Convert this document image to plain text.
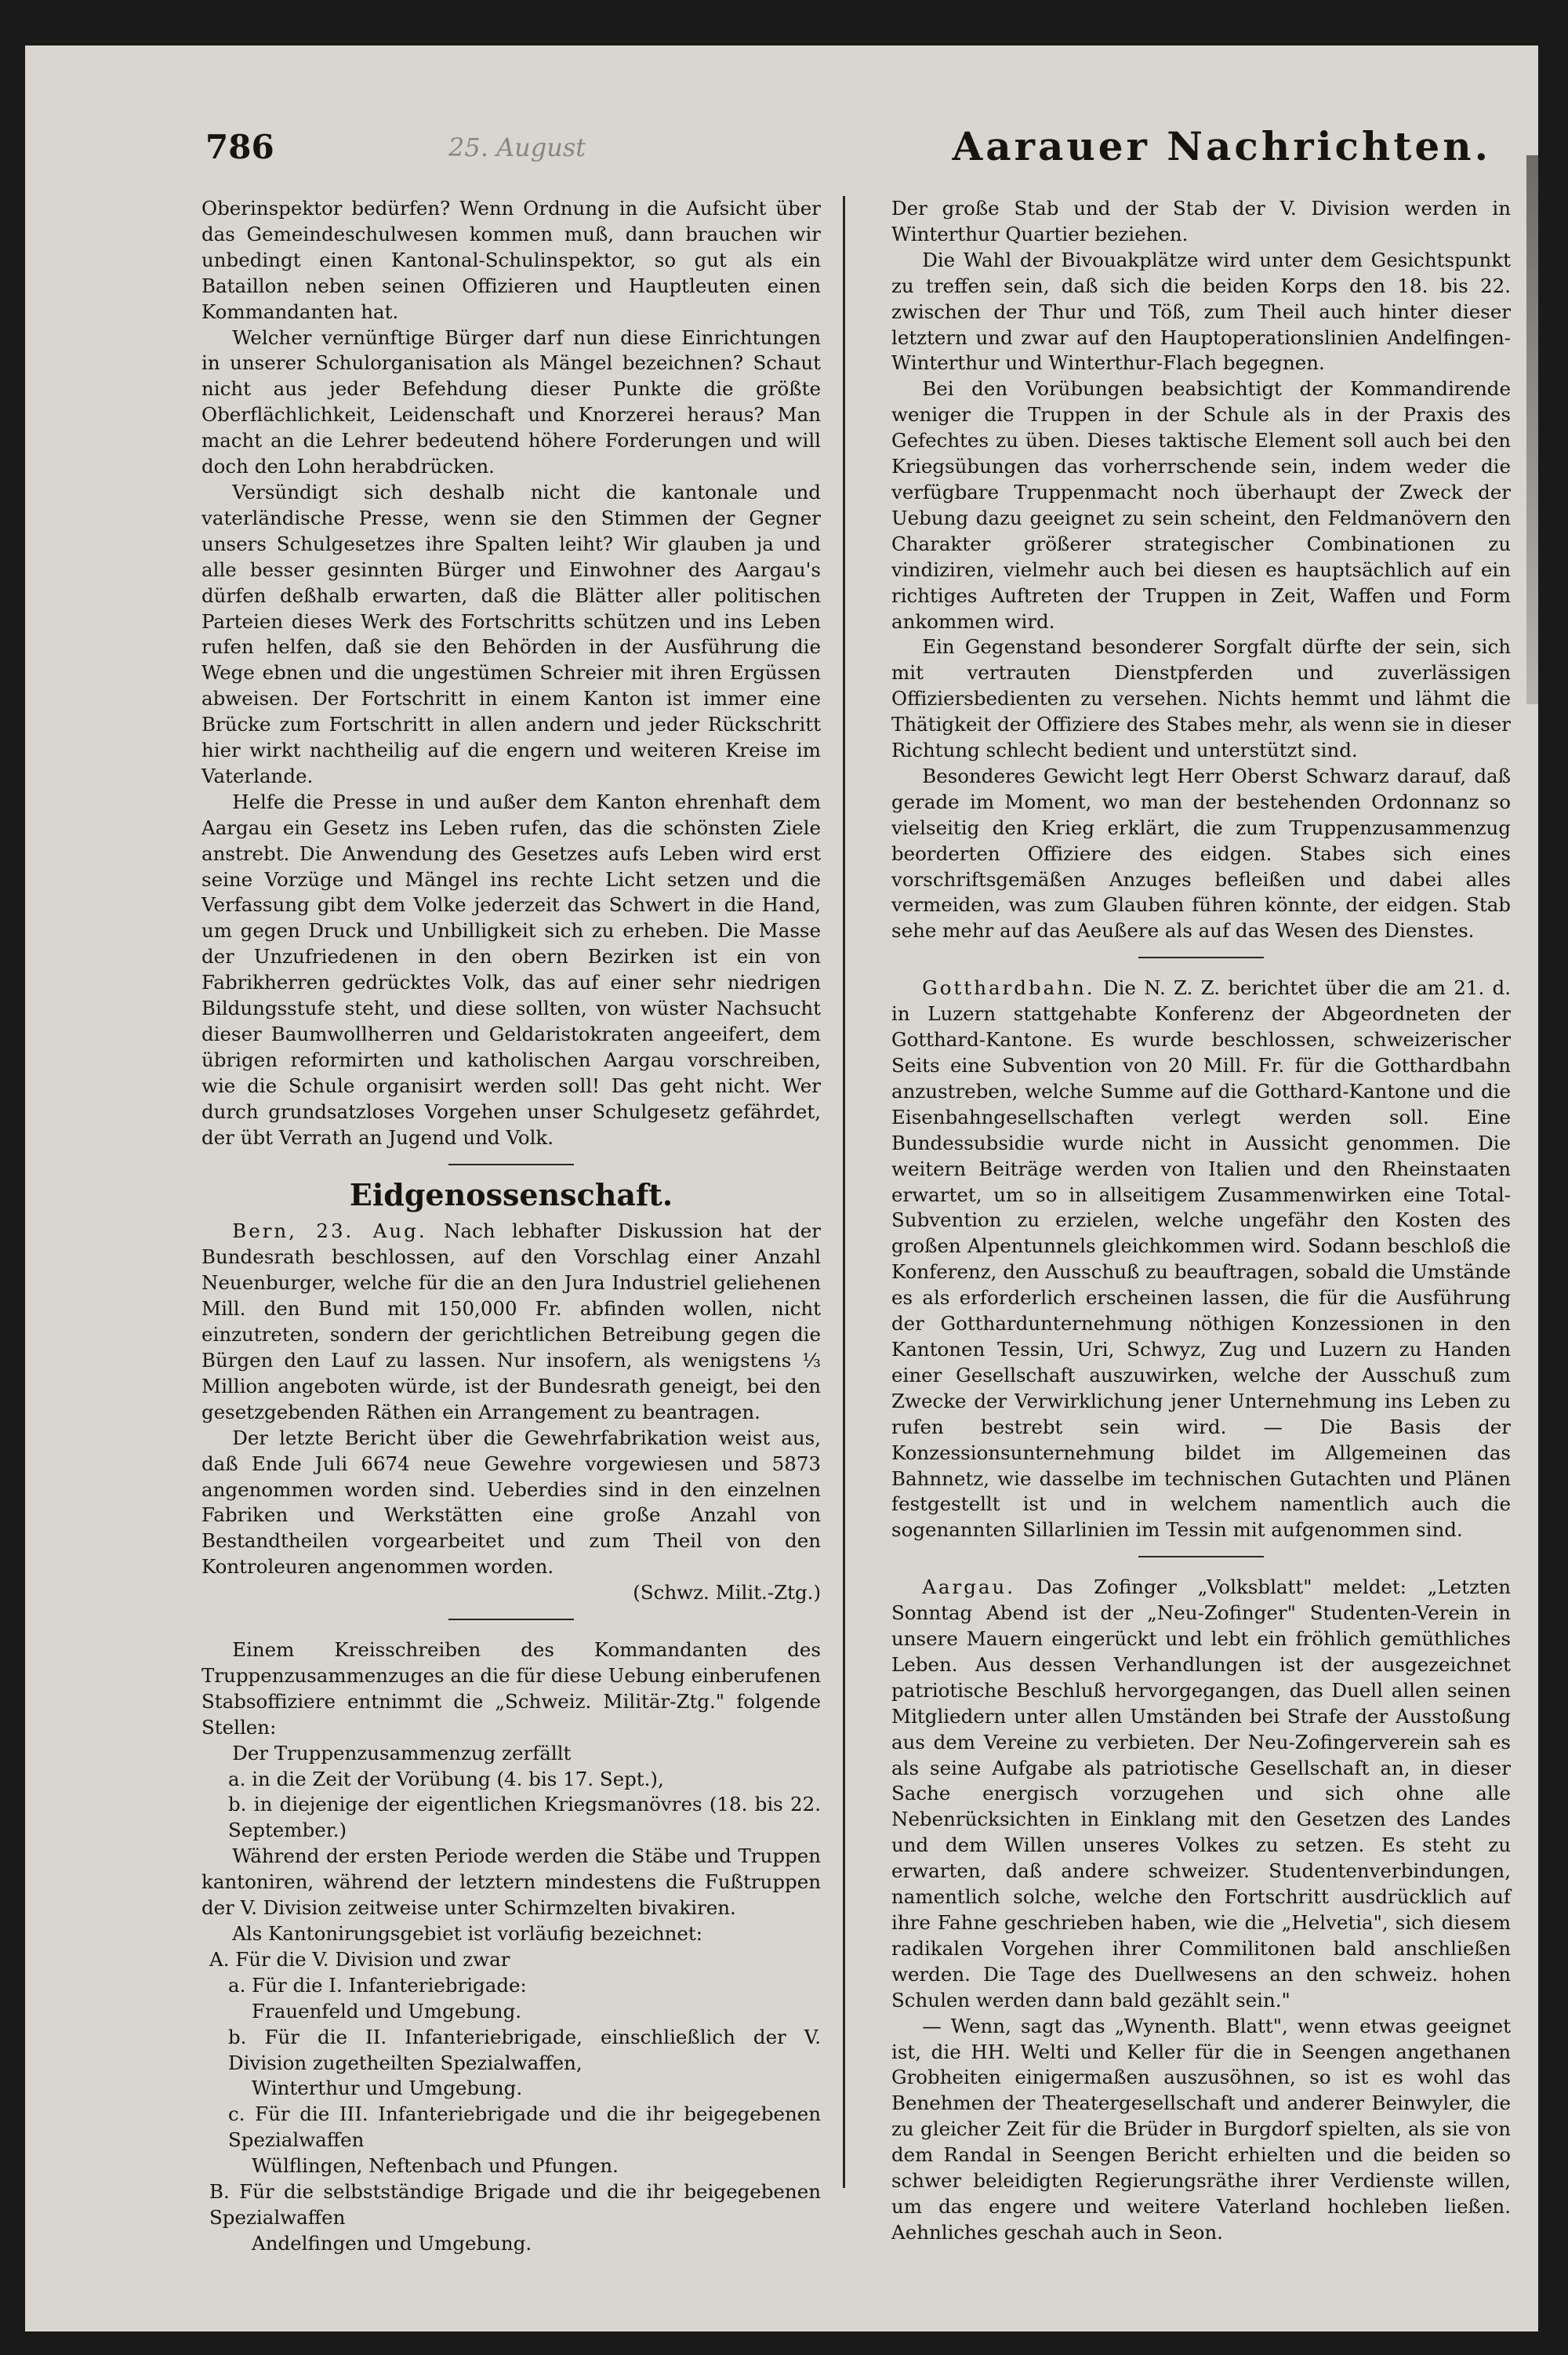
786	25. August	Aarauer Nachrichten.

Oberinspektor bedürfen? Wenn Ordnung in die Aufsicht über das Gemeindeschulwesen kommen muß, dann brauchen wir unbedingt einen Kantonal-Schulinspektor, so gut als ein Bataillon neben seinen Offizieren und Hauptleuten einen Kommandanten hat.

Welcher vernünftige Bürger darf nun diese Einrichtungen in unserer Schulorganisation als Mängel bezeichnen? Schaut nicht aus jeder Befehdung dieser Punkte die größte Oberflächlichkeit, Leidenschaft und Knorzerei heraus? Man macht an die Lehrer bedeutend höhere Forderungen und will doch den Lohn herabdrücken.

Versündigt sich deshalb nicht die kantonale und vaterländische Presse, wenn sie den Stimmen der Gegner unsers Schulgesetzes ihre Spalten leiht? Wir glauben ja und alle besser gesinnten Bürger und Einwohner des Aargau's dürfen deßhalb erwarten, daß die Blätter aller politischen Parteien dieses Werk des Fortschritts schützen und ins Leben rufen helfen, daß sie den Behörden in der Ausführung die Wege ebnen und die ungestümen Schreier mit ihren Ergüssen abweisen. Der Fortschritt in einem Kanton ist immer eine Brücke zum Fortschritt in allen andern und jeder Rückschritt hier wirkt nachtheilig auf die engern und weiteren Kreise im Vaterlande.

Helfe die Presse in und außer dem Kanton ehrenhaft dem Aargau ein Gesetz ins Leben rufen, das die schönsten Ziele anstrebt. Die Anwendung des Gesetzes aufs Leben wird erst seine Vorzüge und Mängel ins rechte Licht setzen und die Verfassung gibt dem Volke jederzeit das Schwert in die Hand, um gegen Druck und Unbilligkeit sich zu erheben. Die Masse der Unzufriedenen in den obern Bezirken ist ein von Fabrikherren gedrücktes Volk, das auf einer sehr niedrigen Bildungsstufe steht, und diese sollten, von wüster Nachsucht dieser Baumwollherren und Geldaristokraten angeeifert, dem übrigen reformirten und katholischen Aargau vorschreiben, wie die Schule organisirt werden soll! Das geht nicht. Wer durch grundsatzloses Vorgehen unser Schulgesetz gefährdet, der übt Verrath an Jugend und Volk.

Eidgenossenschaft.

Bern, 23. Aug. Nach lebhafter Diskussion hat der Bundesrath beschlossen, auf den Vorschlag einer Anzahl Neuenburger, welche für die an den Jura Industriel geliehenen Mill. den Bund mit 150,000 Fr. abfinden wollen, nicht einzutreten, sondern der gerichtlichen Betreibung gegen die Bürgen den Lauf zu lassen. Nur insofern, als wenigstens ⅓ Million angeboten würde, ist der Bundesrath geneigt, bei den gesetzgebenden Räthen ein Arrangement zu beantragen.

Der letzte Bericht über die Gewehrfabrikation weist aus, daß Ende Juli 6674 neue Gewehre vorgewiesen und 5873 angenommen worden sind. Ueberdies sind in den einzelnen Fabriken und Werkstätten eine große Anzahl von Bestandtheilen vorgearbeitet und zum Theil von den Kontroleuren angenommen worden.

(Schwz. Milit.-Ztg.)

Einem Kreisschreiben des Kommandanten des Truppenzusammenzuges an die für diese Uebung einberufenen Stabsoffiziere entnimmt die „Schweiz. Militär-Ztg." folgende Stellen:

Der Truppenzusammenzug zerfällt

a. in die Zeit der Vorübung (4. bis 17. Sept.),
b. in diejenige der eigentlichen Kriegsmanövres (18. bis 22. September.)

Während der ersten Periode werden die Stäbe und Truppen kantoniren, während der letztern mindestens die Fußtruppen der V. Division zeitweise unter Schirmzelten bivakiren.

Als Kantonirungsgebiet ist vorläufig bezeichnet:

A. Für die V. Division und zwar
a. Für die I. Infanteriebrigade:
Frauenfeld und Umgebung.
b. Für die II. Infanteriebrigade, einschließlich der V. Division zugetheilten Spezialwaffen,
Winterthur und Umgebung.
c. Für die III. Infanteriebrigade und die ihr beigegebenen Spezialwaffen
Wülflingen, Neftenbach und Pfungen.
B. Für die selbstständige Brigade und die ihr beigegebenen Spezialwaffen
Andelfingen und Umgebung.

Der große Stab und der Stab der V. Division werden in Winterthur Quartier beziehen.

Die Wahl der Bivouakplätze wird unter dem Gesichtspunkt zu treffen sein, daß sich die beiden Korps den 18. bis 22. zwischen der Thur und Töß, zum Theil auch hinter dieser letztern und zwar auf den Hauptoperationslinien Andelfingen-Winterthur und Winterthur-Flach begegnen.

Bei den Vorübungen beabsichtigt der Kommandirende weniger die Truppen in der Schule als in der Praxis des Gefechtes zu üben. Dieses taktische Element soll auch bei den Kriegsübungen das vorherrschende sein, indem weder die verfügbare Truppenmacht noch überhaupt der Zweck der Uebung dazu geeignet zu sein scheint, den Feldmanövern den Charakter größerer strategischer Combinationen zu vindiziren, vielmehr auch bei diesen es hauptsächlich auf ein richtiges Auftreten der Truppen in Zeit, Waffen und Form ankommen wird.

Ein Gegenstand besonderer Sorgfalt dürfte der sein, sich mit vertrauten Dienstpferden und zuverlässigen Offiziersbedienten zu versehen. Nichts hemmt und lähmt die Thätigkeit der Offiziere des Stabes mehr, als wenn sie in dieser Richtung schlecht bedient und unterstützt sind.

Besonderes Gewicht legt Herr Oberst Schwarz darauf, daß gerade im Moment, wo man der bestehenden Ordonnanz so vielseitig den Krieg erklärt, die zum Truppenzusammenzug beorderten Offiziere des eidgen. Stabes sich eines vorschriftsgemäßen Anzuges befleißen und dabei alles vermeiden, was zum Glauben führen könnte, der eidgen. Stab sehe mehr auf das Aeußere als auf das Wesen des Dienstes.

Gotthardbahn. Die N. Z. Z. berichtet über die am 21. d. in Luzern stattgehabte Konferenz der Abgeordneten der Gotthard-Kantone. Es wurde beschlossen, schweizerischer Seits eine Subvention von 20 Mill. Fr. für die Gotthardbahn anzustreben, welche Summe auf die Gotthard-Kantone und die Eisenbahngesellschaften verlegt werden soll. Eine Bundessubsidie wurde nicht in Aussicht genommen. Die weitern Beiträge werden von Italien und den Rheinstaaten erwartet, um so in allseitigem Zusammenwirken eine Total-Subvention zu erzielen, welche ungefähr den Kosten des großen Alpentunnels gleichkommen wird. Sodann beschloß die Konferenz, den Ausschuß zu beauftragen, sobald die Umstände es als erforderlich erscheinen lassen, die für die Ausführung der Gotthardunternehmung nöthigen Konzessionen in den Kantonen Tessin, Uri, Schwyz, Zug und Luzern zu Handen einer Gesellschaft auszuwirken, welche der Ausschuß zum Zwecke der Verwirklichung jener Unternehmung ins Leben zu rufen bestrebt sein wird. — Die Basis der Konzessionsunternehmung bildet im Allgemeinen das Bahnnetz, wie dasselbe im technischen Gutachten und Plänen festgestellt ist und in welchem namentlich auch die sogenannten Sillarlinien im Tessin mit aufgenommen sind.

Aargau. Das Zofinger „Volksblatt" meldet: „Letzten Sonntag Abend ist der „Neu-Zofinger" Studenten-Verein in unsere Mauern eingerückt und lebt ein fröhlich gemüthliches Leben. Aus dessen Verhandlungen ist der ausgezeichnet patriotische Beschluß hervorgegangen, das Duell allen seinen Mitgliedern unter allen Umständen bei Strafe der Ausstoßung aus dem Vereine zu verbieten. Der Neu-Zofingerverein sah es als seine Aufgabe als patriotische Gesellschaft an, in dieser Sache energisch vorzugehen und sich ohne alle Nebenrücksichten in Einklang mit den Gesetzen des Landes und dem Willen unseres Volkes zu setzen. Es steht zu erwarten, daß andere schweizer. Studentenverbindungen, namentlich solche, welche den Fortschritt ausdrücklich auf ihre Fahne geschrieben haben, wie die „Helvetia", sich diesem radikalen Vorgehen ihrer Commilitonen bald anschließen werden. Die Tage des Duellwesens an den schweiz. hohen Schulen werden dann bald gezählt sein."

— Wenn, sagt das „Wynenth. Blatt", wenn etwas geeignet ist, die HH. Welti und Keller für die in Seengen angethanen Grobheiten einigermaßen auszusöhnen, so ist es wohl das Benehmen der Theatergesellschaft und anderer Beinwyler, die zu gleicher Zeit für die Brüder in Burgdorf spielten, als sie von dem Randal in Seengen Bericht erhielten und die beiden so schwer beleidigten Regierungsräthe ihrer Verdienste willen, um das engere und weitere Vaterland hochleben ließen. Aehnliches geschah auch in Seon.
